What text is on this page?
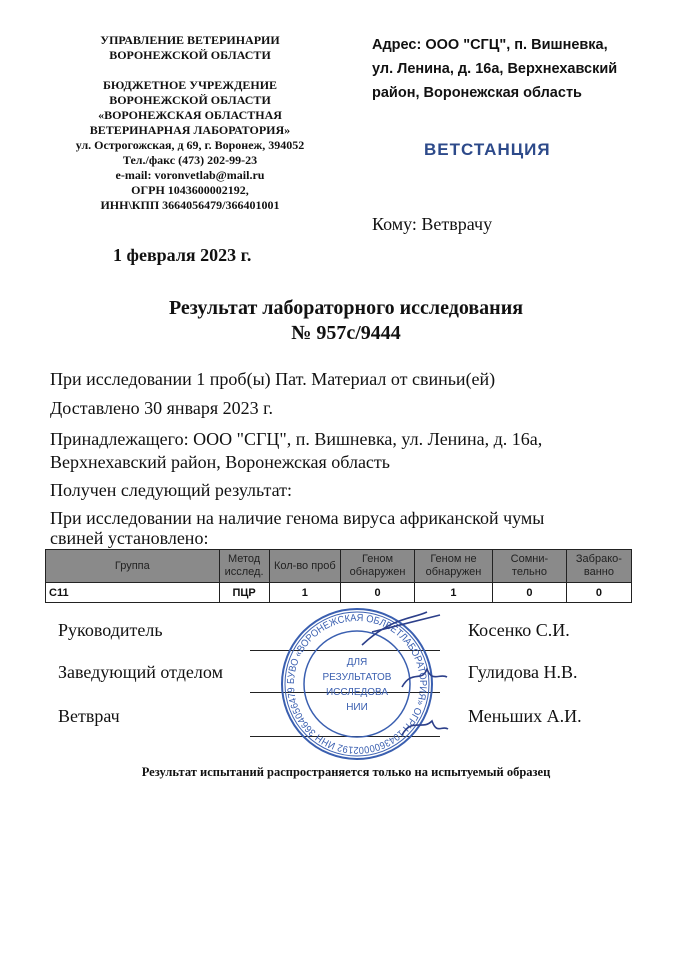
УПРАВЛЕНИЕ ВЕТЕРИНАРИИ
ВОРОНЕЖСКОЙ ОБЛАСТИ
БЮДЖЕТНОЕ УЧРЕЖДЕНИЕ
ВОРОНЕЖСКОЙ ОБЛАСТИ
«ВОРОНЕЖСКАЯ ОБЛАСТНАЯ
ВЕТЕРИНАРНАЯ ЛАБОРАТОРИЯ»
ул. Острогожская, д 69, г. Воронеж, 394052
Тел./факс (473) 202-99-23
e-mail: voronvetlab@mail.ru
ОГРН 1043600002192,
ИНН\КПП 3664056479/366401001
Адрес: ООО "СГЦ", п. Вишневка,
ул. Ленина, д. 16а, Верхнехавский
район, Воронежская область
ВЕТСТАНЦИЯ
Кому: Ветврачу
1 февраля 2023 г.
Результат лабораторного исследования
№ 957с/9444
При исследовании 1 проб(ы) Пат. Материал от свиньи(ей)
Доставлено 30 января 2023 г.
Принадлежащего: ООО "СГЦ", п. Вишневка, ул. Ленина, д. 16а,
Верхнехавский район, Воронежская область
Получен следующий результат:
При исследовании на наличие генома вируса африканской чумы
свиней установлено:
Группа	Метод исслед.	Кол-во проб	Геном обнаружен	Геном не обнаружен	Сомни-тельно	Забрако-ванно
С11	ПЦР	1	0	1	0	0
Руководитель	Косенко С.И.
Заведующий отделом	Гулидова Н.В.
Ветврач	Меньших А.И.
БУВО «ВОРОНЕЖСКАЯ ОБЛВЕТЛАБОРАТОРИЯ» ОГРН 1043600002192 ИНН 3664056479
ДЛЯ
РЕЗУЛЬТАТОВ
ИССЛЕДОВА
НИИ
Результат испытаний распространяется только на испытуемый образец
